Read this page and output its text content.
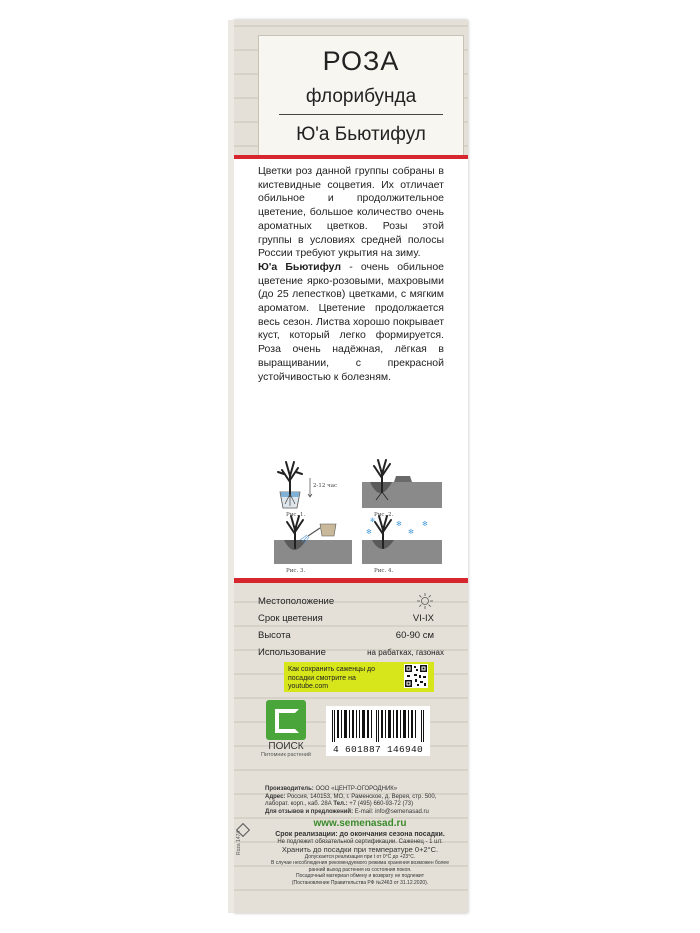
РОЗА
флорибунда
Ю'а Бьютифул
Цветки роз данной группы собраны в кистевидные соцветия. Их отличает обильное и продолжительное цветение, большое количество очень ароматных цветков. Розы этой группы в условиях средней полосы России требуют укрытия на зиму.
Ю'а Бьютифул - очень обильное цветение ярко-розовыми, махровыми (до 25 лепестков) цветками, с мягким ароматом. Цветение продолжается весь сезон. Листва хорошо покрывает куст, который легко формируется. Роза очень надёжная, лёгкая в выращивании, с прекрасной устойчивостью к болезням.
✻
✻
✻
✻
✻
Рис. 1.
2-12 час
Рис. 2.
Рис. 3.	Рис. 4.
Местоположение
Срок цветения	VI-IX
Высота	60-90 см
Использование	на рабатках, газонах
Как сохранить саженцы до посадки смотрите на youtube.com
ПОИСК
Питомник растений	4 601887 146940
Производитель: ООО «ЦЕНТР-ОГОРОДНИК»
Адрес: Россия, 140153, МО, г. Раменское, д. Верея, стр. 500, лаборат. корп., каб. 28А Тел.: +7 (495) 660-93-72 (73)
Для отзывов и предложений: E-mail: info@semenasad.ru
www.semenasad.ru
Срок реализации: до окончания сезона посадки.
Не подлежит обязательной сертификации. Саженец - 1 шт.
Хранить до посадки при температуре 0+2°С.
Допускается реализация при t от 0°С до +23°С.
В случае несоблюдения рекомендуемого режима хранения возможен более ранний выход растения из состояния покоя.
Посадочный материал обмену и возврату не подлежит
(Постановление Правительства РФ №2463 от 31.12.2020).
Roza 1474
